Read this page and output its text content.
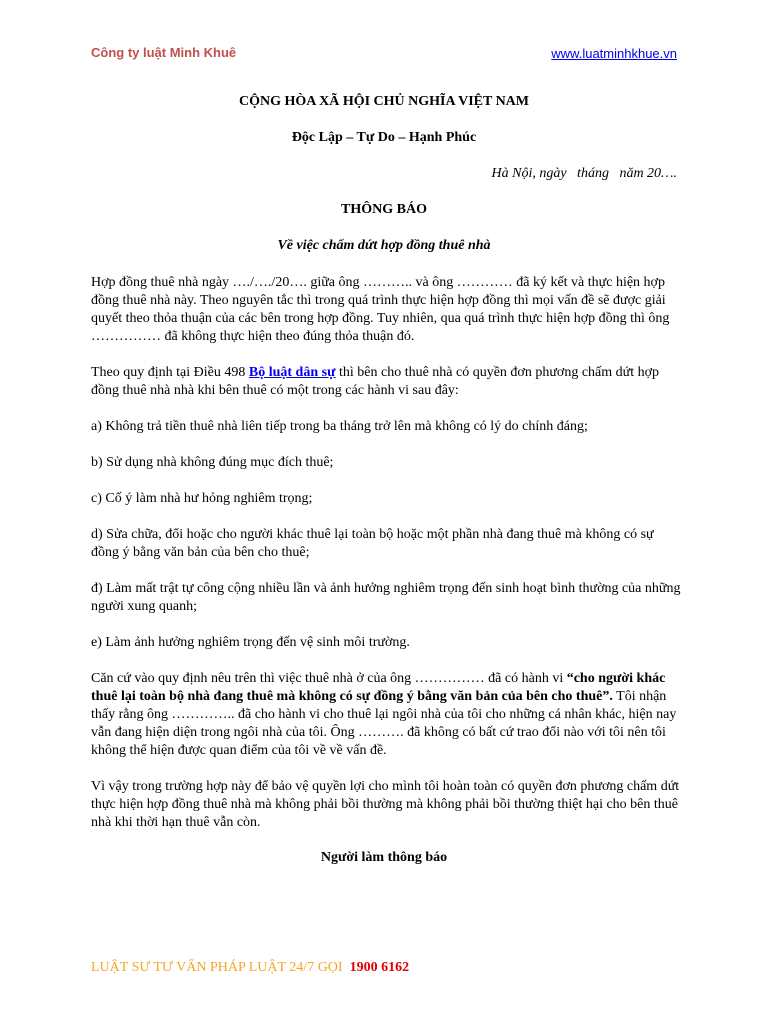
Công ty luật Minh Khuê	www.luatminhkhue.vn
CỘNG HÒA XÃ HỘI CHỦ NGHĨA VIỆT NAM
Độc Lập – Tự Do – Hạnh Phúc
Hà Nội, ngày   tháng   năm 20….
THÔNG BÁO
Về việc chấm dứt hợp đồng thuê nhà

Hợp đồng thuê nhà ngày …./…./20…. giữa ông ……….. và ông ………… đã ký kết và thực hiện hợp đồng thuê nhà này. Theo nguyên tắc thì trong quá trình thực hiện hợp đồng thì mọi vấn đề sẽ được giải quyết theo thỏa thuận của các bên trong hợp đồng. Tuy nhiên, qua quá trình thực hiện hợp đồng thì ông …………… đã không thực hiện theo đúng thỏa thuận đó.

Theo quy định tại Điều 498 Bộ luật dân sự thì bên cho thuê nhà có quyền đơn phương chấm dứt hợp đồng thuê nhà nhà khi bên thuê có một trong các hành vi sau đây:

a) Không trả tiền thuê nhà liên tiếp trong ba tháng trở lên mà không có lý do chính đáng;

b) Sử dụng nhà không đúng mục đích thuê;

c) Cố ý làm nhà hư hỏng nghiêm trọng;

d) Sửa chữa, đổi hoặc cho người khác thuê lại toàn bộ hoặc một phần nhà đang thuê mà không có sự đồng ý bằng văn bản của bên cho thuê;

đ) Làm mất trật tự công cộng nhiều lần và ảnh hưởng nghiêm trọng đến sinh hoạt bình thường của những người xung quanh;

e) Làm ảnh hưởng nghiêm trọng đến vệ sinh môi trường.

Căn cứ vào quy định nêu trên thì việc thuê nhà ở của ông …………… đã có hành vi “cho người khác thuê lại toàn bộ nhà đang thuê mà không có sự đồng ý bằng văn bản của bên cho thuê”. Tôi nhận thấy rằng ông ………….. đã cho hành vi cho thuê lại ngôi nhà của tôi cho những cá nhân khác, hiện nay vẫn đang hiện diện trong ngôi nhà của tôi. Ông ………. đã không có bất cứ trao đổi nào với tôi nên tôi không thể hiện được quan điểm của tôi về về vấn đề.

Vì vậy trong trường hợp này để bảo vệ quyền lợi cho mình tôi hoàn toàn có quyền đơn phương chấm dứt thực hiện hợp đồng thuê nhà mà không phải bồi thường mà không phải bồi thường thiệt hại cho bên thuê nhà khi thời hạn thuê vẫn còn.

Người làm thông báo
LUẬT SƯ TƯ VẤN PHÁP LUẬT 24/7 GỌI  1900 6162
